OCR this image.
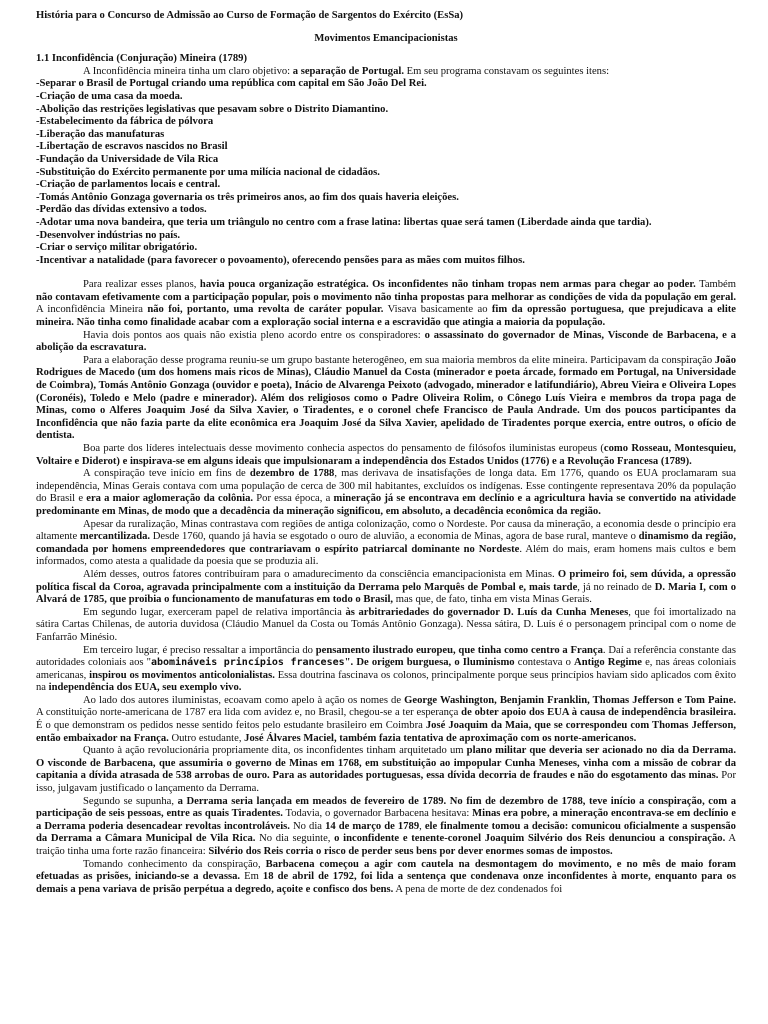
História para o Concurso de Admissão ao Curso de Formação de Sargentos do Exército (EsSa)

Movimentos Emancipacionistas

1.1 Inconfidência (Conjuração) Mineira (1789)

A Inconfidência mineira tinha um claro objetivo: a separação de Portugal. Em seu programa constavam os seguintes itens:

-Separar o Brasil de Portugal criando uma república com capital em São João Del Rei.

-Criação de uma casa da moeda.

-Abolição das restrições legislativas que pesavam sobre o Distrito Diamantino.

-Estabelecimento da fábrica de pólvora

-Liberação das manufaturas

-Libertação de escravos nascidos no Brasil

-Fundação da Universidade de Vila Rica

-Substituição do Exército permanente por uma milícia nacional de cidadãos.

-Criação de parlamentos locais e central.

-Tomás Antônio Gonzaga governaria os três primeiros anos, ao fim dos quais haveria eleições.

-Perdão das dívidas extensivo a todos.

-Adotar uma nova bandeira, que teria um triângulo no centro com a frase latina: libertas quae será tamen (Liberdade ainda que tardia).

-Desenvolver indústrias no país.

-Criar o serviço militar obrigatório.

-Incentivar a natalidade (para favorecer o povoamento), oferecendo pensões para as mães com muitos filhos.

Para realizar esses planos, havia pouca organização estratégica. Os inconfidentes não tinham tropas nem armas para chegar ao poder. Também não contavam efetivamente com a participação popular, pois o movimento não tinha propostas para melhorar as condições de vida da população em geral. A inconfidência Mineira não foi, portanto, uma revolta de caráter popular. Visava basicamente ao fim da opressão portuguesa, que prejudicava a elite mineira. Não tinha como finalidade acabar com a exploração social interna e a escravidão que atingia a maioria da população.

Havia dois pontos aos quais não existia pleno acordo entre os conspiradores: o assassinato do governador de Minas, Visconde de Barbacena, e a abolição da escravatura.

Para a elaboração desse programa reuniu-se um grupo bastante heterogêneo, em sua maioria membros da elite mineira. Participavam da conspiração João Rodrigues de Macedo (um dos homens mais ricos de Minas), Cláudio Manuel da Costa (minerador e poeta árcade, formado em Portugal, na Universidade de Coimbra), Tomás Antônio Gonzaga (ouvidor e poeta), Inácio de Alvarenga Peixoto (advogado, minerador e latifundiário), Abreu Vieira e Oliveira Lopes (Coronéis), Toledo e Melo (padre e minerador). Além dos religiosos como o Padre Oliveira Rolim, o Cônego Luís Vieira e membros da tropa paga de Minas, como o Alferes Joaquim José da Silva Xavier, o Tiradentes, e o coronel chefe Francisco de Paula Andrade. Um dos poucos participantes da Inconfidência que não fazia parte da elite econômica era Joaquim José da Silva Xavier, apelidado de Tiradentes porque exercia, entre outros, o ofício de dentista.

Boa parte dos líderes intelectuais desse movimento conhecia aspectos do pensamento de filósofos iluministas europeus (como Rosseau, Montesquieu, Voltaire e Diderot) e inspirava-se em alguns ideais que impulsionaram a independência dos Estados Unidos (1776) e a Revolução Francesa (1789).

A conspiração teve início em fins de dezembro de 1788, mas derivava de insatisfações de longa data. Em 1776, quando os EUA proclamaram sua independência, Minas Gerais contava com uma população de cerca de 300 mil habitantes, excluídos os indígenas. Esse contingente representava 20% da população do Brasil e era a maior aglomeração da colônia. Por essa época, a mineração já se encontrava em declínio e a agricultura havia se convertido na atividade predominante em Minas, de modo que a decadência da mineração significou, em absoluto, a decadência econômica da região.

Apesar da ruralização, Minas contrastava com regiões de antiga colonização, como o Nordeste. Por causa da mineração, a economia desde o princípio era altamente mercantilizada. Desde 1760, quando já havia se esgotado o ouro de aluvião, a economia de Minas, agora de base rural, manteve o dinamismo da região, comandada por homens empreendedores que contrariavam o espírito patriarcal dominante no Nordeste. Além do mais, eram homens mais cultos e bem informados, como atesta a qualidade da poesia que se produzia ali.

Além desses, outros fatores contribuíram para o amadurecimento da consciência emancipacionista em Minas. O primeiro foi, sem dúvida, a opressão política fiscal da Coroa, agravada principalmente com a instituição da Derrama pelo Marquês de Pombal e, mais tarde, já no reinado de D. Maria I, com o Alvará de 1785, que proibia o funcionamento de manufaturas em todo o Brasil, mas que, de fato, tinha em vista Minas Gerais.

Em segundo lugar, exerceram papel de relativa importância às arbitrariedades do governador D. Luís da Cunha Meneses, que foi imortalizado na sátira Cartas Chilenas, de autoria duvidosa (Cláudio Manuel da Costa ou Tomás Antônio Gonzaga). Nessa sátira, D. Luís é o personagem principal com o nome de Fanfarrão Minésio.

Em terceiro lugar, é preciso ressaltar a importância do pensamento ilustrado europeu, que tinha como centro a França. Daí a referência constante das autoridades coloniais aos "abomináveis princípios franceses". De origem burguesa, o Iluminismo contestava o Antigo Regime e, nas áreas coloniais americanas, inspirou os movimentos anticolonialistas. Essa doutrina fascinava os colonos, principalmente porque seus princípios haviam sido aplicados com êxito na independência dos EUA, seu exemplo vivo.

Ao lado dos autores iluministas, ecoavam como apelo à ação os nomes de George Washington, Benjamin Franklin, Thomas Jefferson e Tom Paine. A constituição norte-americana de 1787 era lida com avidez e, no Brasil, chegou-se a ter esperança de obter apoio dos EUA à causa de independência brasileira. É o que demonstram os pedidos nesse sentido feitos pelo estudante brasileiro em Coimbra José Joaquim da Maia, que se correspondeu com Thomas Jefferson, então embaixador na França. Outro estudante, José Álvares Maciel, também fazia tentativa de aproximação com os norte-americanos.

Quanto à ação revolucionária propriamente dita, os inconfidentes tinham arquitetado um plano militar que deveria ser acionado no dia da Derrama. O visconde de Barbacena, que assumiria o governo de Minas em 1768, em substituição ao impopular Cunha Meneses, vinha com a missão de cobrar da capitania a dívida atrasada de 538 arrobas de ouro. Para as autoridades portuguesas, essa dívida decorria de fraudes e não do esgotamento das minas. Por isso, julgavam justificado o lançamento da Derrama.

Segundo se supunha, a Derrama seria lançada em meados de fevereiro de 1789. No fim de dezembro de 1788, teve início a conspiração, com a participação de seis pessoas, entre as quais Tiradentes. Todavia, o governador Barbacena hesitava: Minas era pobre, a mineração encontrava-se em declínio e a Derrama poderia desencadear revoltas incontroláveis. No dia 14 de março de 1789, ele finalmente tomou a decisão: comunicou oficialmente a suspensão da Derrama a Câmara Municipal de Vila Rica. No dia seguinte, o inconfidente e tenente-coronel Joaquim Silvério dos Reis denunciou a conspiração. A traição tinha uma forte razão financeira: Silvério dos Reis corria o risco de perder seus bens por dever enormes somas de impostos.

Tomando conhecimento da conspiração, Barbacena começou a agir com cautela na desmontagem do movimento, e no mês de maio foram efetuadas as prisões, iniciando-se a devassa. Em 18 de abril de 1792, foi lida a sentença que condenava onze inconfidentes à morte, enquanto para os demais a pena variava de prisão perpétua a degredo, açoite e confisco dos bens. A pena de morte de dez condenados foi
